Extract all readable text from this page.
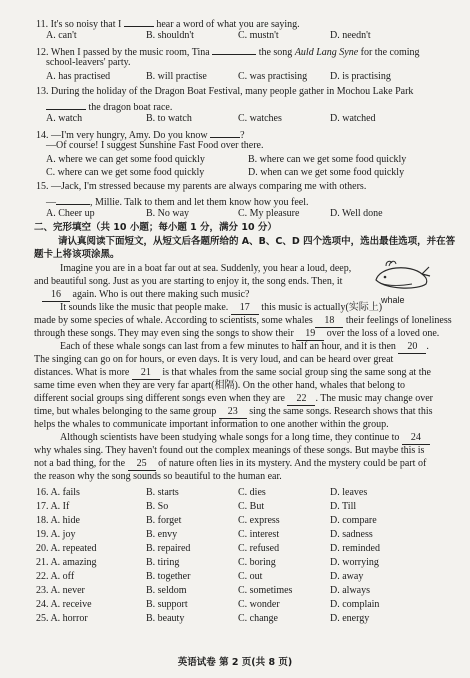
11. It's so noisy that I	hear a word of what you are saying.
A. can't	B. shouldn't	C. mustn't	D. needn't
12. When I passed by the music room, Tina	the song Auld Lang Syne for the coming
school-leavers' party.
A. has practised	B. will practise	C. was practising D. is practising
13. During the holiday of the Dragon Boat Festival, many people gather in Mochou Lake Park
the dragon boat race.
A. watch	B. to watch	C. watches	D. watched
14. —I'm very hungry, Amy. Do you know	?
—Of course! I suggest Sunshine Fast Food over there.
A. where we can get some food quickly	B. where can we get some food quickly
C. where can we get some food quickly	D. when can we get some food quickly
15. —Jack, I'm stressed because my parents are always comparing me with others.
—	, Millie. Talk to them and let them know how you feel.
A. Cheer up	B. No way	C. My pleasure	D. Well done
二、完形填空（共 10 小题；每小题 1 分，满分 10 分）
请认真阅读下面短文，从短文后各题所给的 A、B、C、D 四个选项中，选出最佳选项，并在答
题卡上将该项涂黑。
whale
Imagine you are in a boat far out at sea. Suddenly, you hear a loud, deep,
and beautiful song. Just as you are starting to enjoy it, the song ends. Then, it
16 again. Who is out there making such music?
It sounds like the music that people make. 17 this music is actually(实际上)
made by some species of whale. According to scientists, some whales 18 their feelings of loneliness
through these songs. They may even sing the songs to show their 19 over the loss of a loved one.
Each of these whale songs can last from a few minutes to half an hour, and it is then 20 .
The singing can go on for hours, or even days. It is very loud, and can be heard over great
distances. What is more 21 is that whales from the same social group sing the same song at the
same time even when they are very far apart(相隔). On the other hand, whales that belong to
different social groups sing different songs even when they are 22 . The music may change over
time, but whales belonging to the same group 23 sing the same songs. Research shows that this
helps the whales to communicate important information to one another within the group.
Although scientists have been studying whale songs for a long time, they continue to 24
why whales sing. They haven't found out the complex meanings of these songs. But maybe this is
not a bad thing, for the 25 of nature often lies in its mystery. And the mystery could be part of
the reason why the song sounds so beautiful to the human ear.
16. A. fails	B. starts	C. dies	D. leaves
17. A. If	B. So	C. But	D. Till
18. A. hide	B. forget	C. express	D. compare
19. A. joy	B. envy	C. interest	D. sadness
20. A. repeated	B. repaired	C. refused	D. reminded
21. A. amazing	B. tiring	C. boring	D. worrying
22. A. off	B. together	C. out	D. away
23. A. never	B. seldom	C. sometimes	D. always
24. A. receive	B. support	C. wonder	D. complain
25. A. horror	B. beauty	C. change	D. energy
英语试卷 第 2 页(共 8 页)
